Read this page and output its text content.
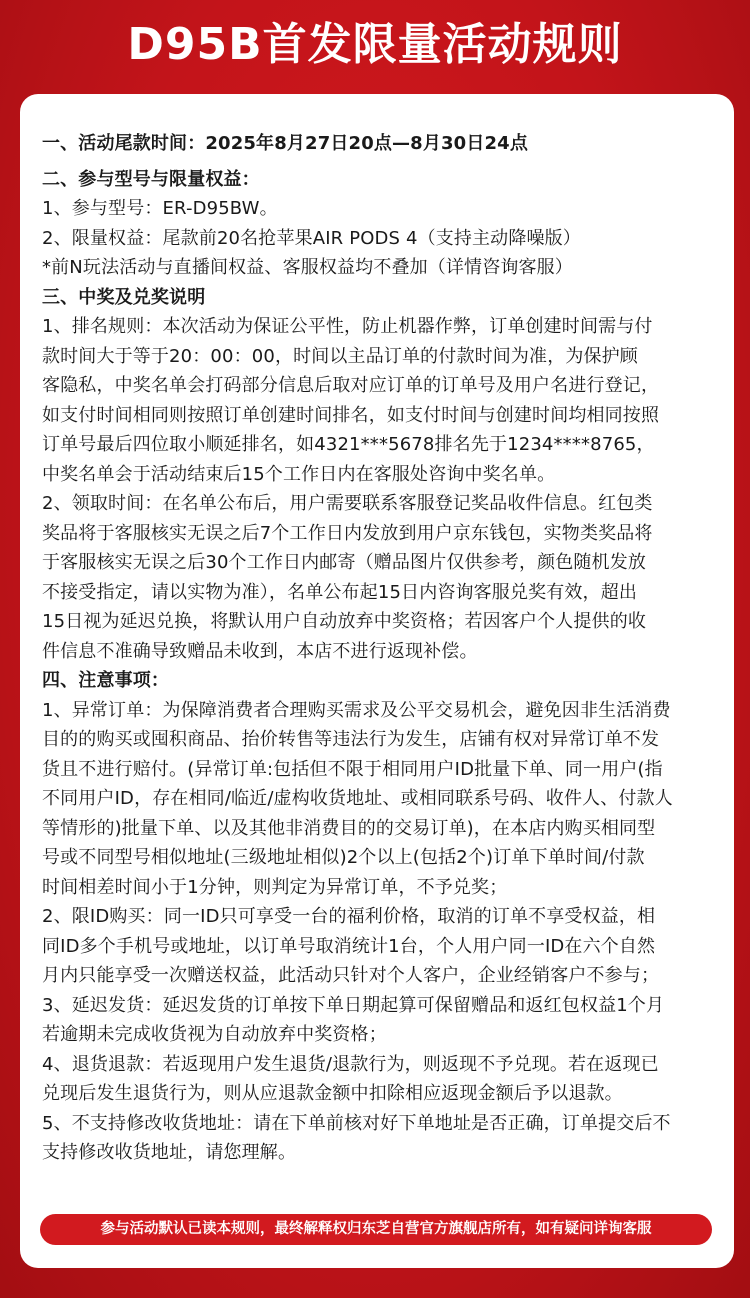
D95B首发限量活动规则
一、活动尾款时间：2025年8月27日20点—8月30日24点
二、参与型号与限量权益：
1、参与型号：ER-D95BW。
2、限量权益：尾款前20名抢苹果AIR PODS 4（支持主动降噪版）
*前N玩法活动与直播间权益、客服权益均不叠加（详情咨询客服）
三、中奖及兑奖说明
1、排名规则：本次活动为保证公平性，防止机器作弊，订单创建时间需与付
款时间大于等于20：00：00，时间以主品订单的付款时间为准，为保护顾
客隐私，中奖名单会打码部分信息后取对应订单的订单号及用户名进行登记，
如支付时间相同则按照订单创建时间排名，如支付时间与创建时间均相同按照
订单号最后四位取小顺延排名，如4321***5678排名先于1234****8765，
中奖名单会于活动结束后15个工作日内在客服处咨询中奖名单。
2、领取时间：在名单公布后，用户需要联系客服登记奖品收件信息。红包类
奖品将于客服核实无误之后7个工作日内发放到用户京东钱包，实物类奖品将
于客服核实无误之后30个工作日内邮寄（赠品图片仅供参考，颜色随机发放
不接受指定，请以实物为准），名单公布起15日内咨询客服兑奖有效，超出
15日视为延迟兑换，将默认用户自动放弃中奖资格；若因客户个人提供的收
件信息不准确导致赠品未收到，本店不进行返现补偿。
四、注意事项：
1、异常订单：为保障消费者合理购买需求及公平交易机会，避免因非生活消费
目的的购买或囤积商品、抬价转售等违法行为发生，店铺有权对异常订单不发
货且不进行赔付。(异常订单:包括但不限于相同用户ID批量下单、同一用户(指
不同用户ID，存在相同/临近/虚构收货地址、或相同联系号码、收件人、付款人
等情形的)批量下单、以及其他非消费目的的交易订单)，在本店内购买相同型
号或不同型号相似地址(三级地址相似)2个以上(包括2个)订单下单时间/付款
时间相差时间小于1分钟，则判定为异常订单，不予兑奖；
2、限ID购买：同一ID只可享受一台的福利价格，取消的订单不享受权益，相
同ID多个手机号或地址，以订单号取消统计1台，个人用户同一ID在六个自然
月内只能享受一次赠送权益，此活动只针对个人客户，企业经销客户不参与；
3、延迟发货：延迟发货的订单按下单日期起算可保留赠品和返红包权益1个月
若逾期未完成收货视为自动放弃中奖资格；
4、退货退款：若返现用户发生退货/退款行为，则返现不予兑现。若在返现已
兑现后发生退货行为，则从应退款金额中扣除相应返现金额后予以退款。
5、不支持修改收货地址：请在下单前核对好下单地址是否正确，订单提交后不
支持修改收货地址，请您理解。
参与活动默认已读本规则，最终解释权归东芝自营官方旗舰店所有，如有疑问详询客服
